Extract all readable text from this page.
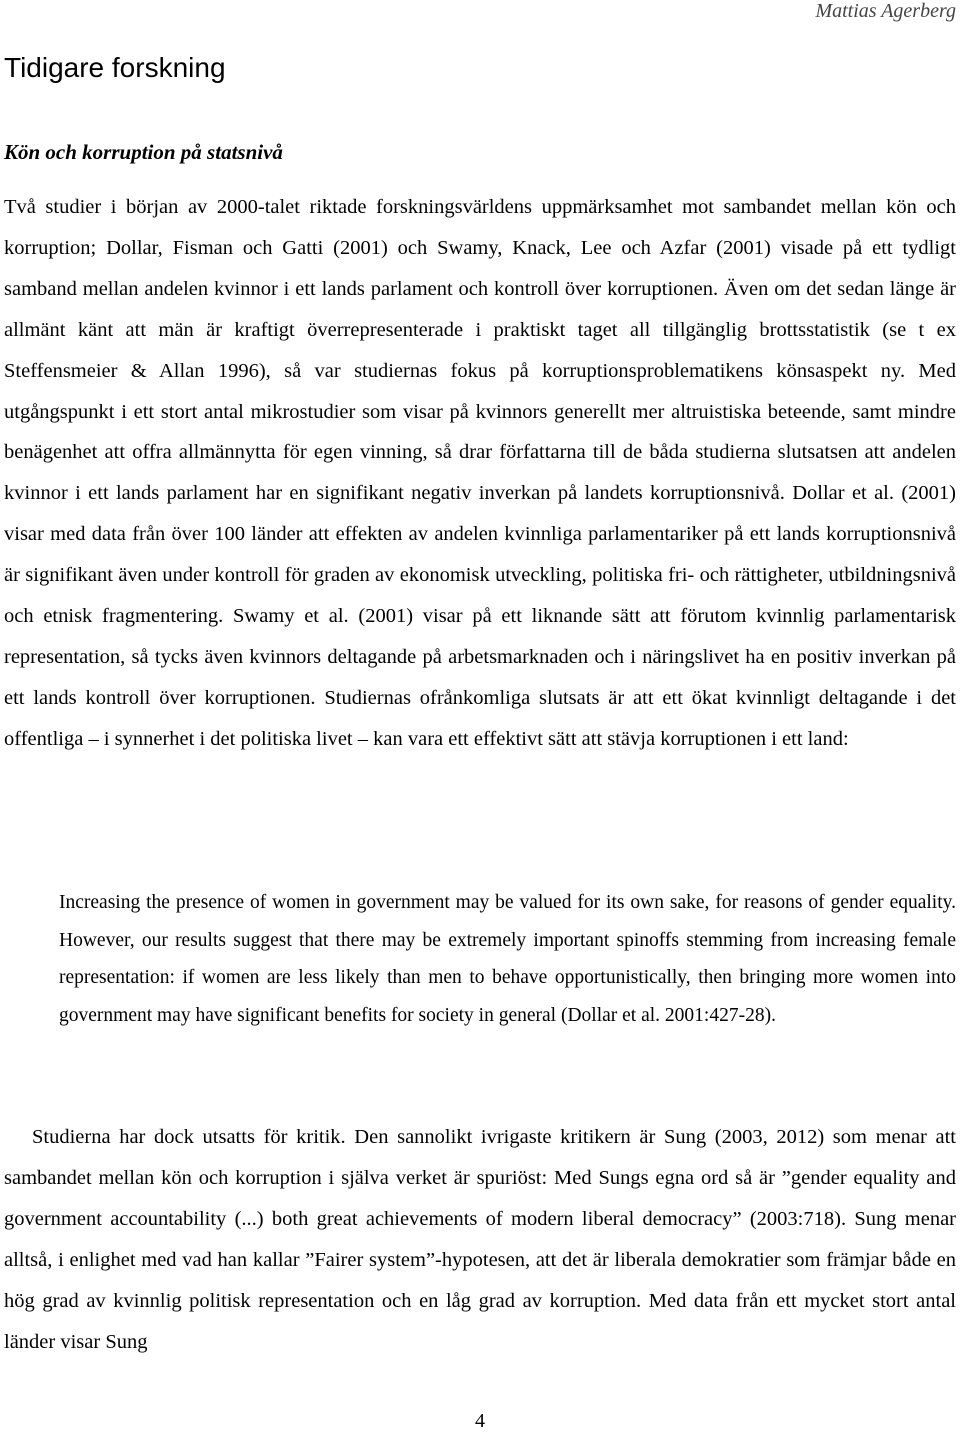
Mattias Agerberg

Tidigare forskning
Kön och korruption på statsnivå

Två studier i början av 2000-talet riktade forskningsvärldens uppmärksamhet mot sambandet mellan kön och korruption; Dollar, Fisman och Gatti (2001) och Swamy, Knack, Lee och Azfar (2001) visade på ett tydligt samband mellan andelen kvinnor i ett lands parlament och kontroll över korruptionen. Även om det sedan länge är allmänt känt att män är kraftigt överrepresenterade i praktiskt taget all tillgänglig brottsstatistik (se t ex Steffensmeier & Allan 1996), så var studiernas fokus på korruptionsproblematikens könsaspekt ny. Med utgångspunkt i ett stort antal mikrostudier som visar på kvinnors generellt mer altruistiska beteende, samt mindre benägenhet att offra allmännytta för egen vinning, så drar författarna till de båda studierna slutsatsen att andelen kvinnor i ett lands parlament har en signifikant negativ inverkan på landets korruptionsnivå. Dollar et al. (2001) visar med data från över 100 länder att effekten av andelen kvinnliga parlamentariker på ett lands korruptionsnivå är signifikant även under kontroll för graden av ekonomisk utveckling, politiska fri- och rättigheter, utbildningsnivå och etnisk fragmentering. Swamy et al. (2001) visar på ett liknande sätt att förutom kvinnlig parlamentarisk representation, så tycks även kvinnors deltagande på arbetsmarknaden och i näringslivet ha en positiv inverkan på ett lands kontroll över korruptionen. Studiernas ofrånkomliga slutsats är att ett ökat kvinnligt deltagande i det offentliga – i synnerhet i det politiska livet – kan vara ett effektivt sätt att stävja korruptionen i ett land:

Increasing the presence of women in government may be valued for its own sake, for reasons of gender equality. However, our results suggest that there may be extremely important spinoffs stemming from increasing female representation: if women are less likely than men to behave opportunistically, then bringing more women into government may have significant benefits for society in general (Dollar et al. 2001:427-28).

Studierna har dock utsatts för kritik. Den sannolikt ivrigaste kritikern är Sung (2003, 2012) som menar att sambandet mellan kön och korruption i själva verket är spuriöst: Med Sungs egna ord så är ”gender equality and government accountability (...) both great achievements of modern liberal democracy” (2003:718). Sung menar alltså, i enlighet med vad han kallar ”Fairer system”-hypotesen, att det är liberala demokratier som främjar både en hög grad av kvinnlig politisk representation och en låg grad av korruption. Med data från ett mycket stort antal länder visar Sung

4
